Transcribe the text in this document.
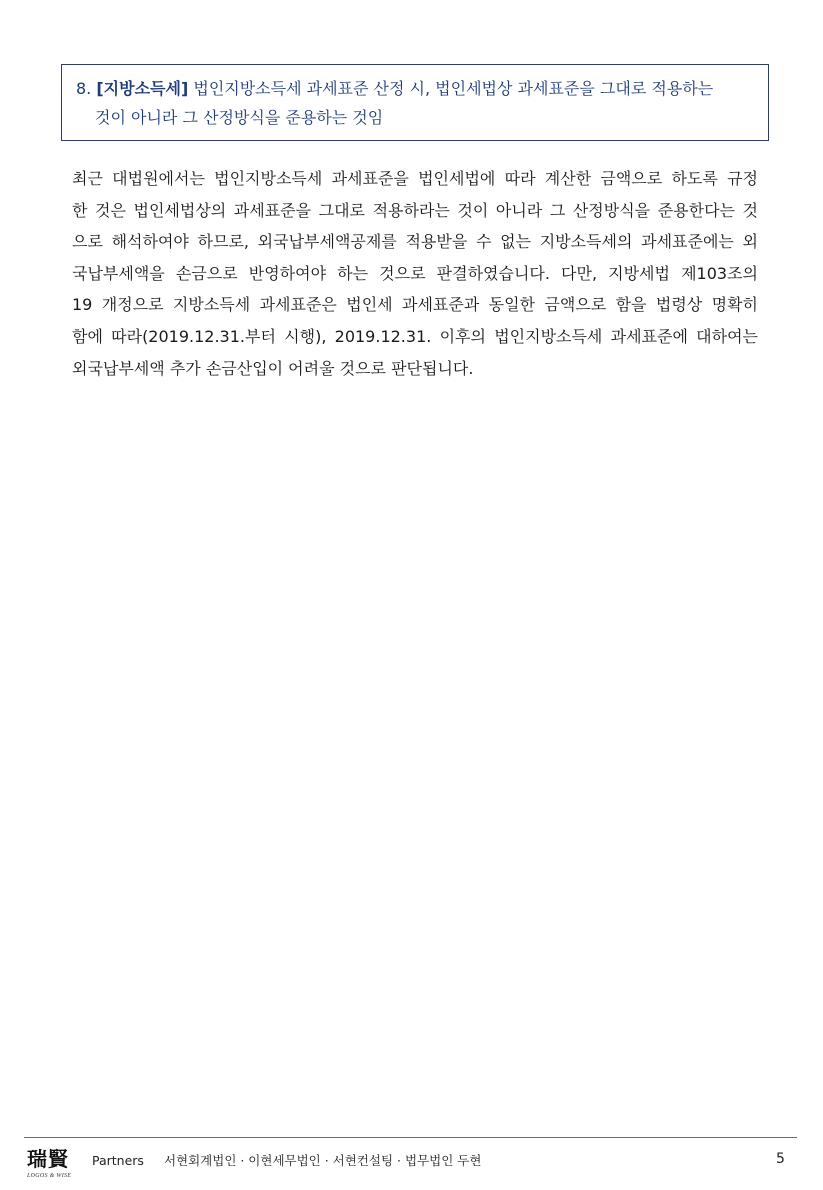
8. [지방소득세] 법인지방소득세 과세표준 산정 시, 법인세법상 과세표준을 그대로 적용하는
것이 아니라 그 산정방식을 준용하는 것임
최근 대법원에서는 법인지방소득세 과세표준을 법인세법에 따라 계산한 금액으로 하도록 규정
한 것은 법인세법상의 과세표준을 그대로 적용하라는 것이 아니라 그 산정방식을 준용한다는 것
으로 해석하여야 하므로, 외국납부세액공제를 적용받을 수 없는 지방소득세의 과세표준에는 외
국납부세액을 손금으로 반영하여야 하는 것으로 판결하였습니다. 다만, 지방세법 제103조의
19 개정으로 지방소득세 과세표준은 법인세 과세표준과 동일한 금액으로 함을 법령상 명확히
함에 따라(2019.12.31.부터 시행), 2019.12.31. 이후의 법인지방소득세 과세표준에 대하여는
외국납부세액 추가 손금산입이 어려울 것으로 판단됩니다.
瑞賢
LOGOS & WISE
Partners 서현회계법인 · 이현세무법인 · 서현컨설팅 · 법무법인 두현	5
